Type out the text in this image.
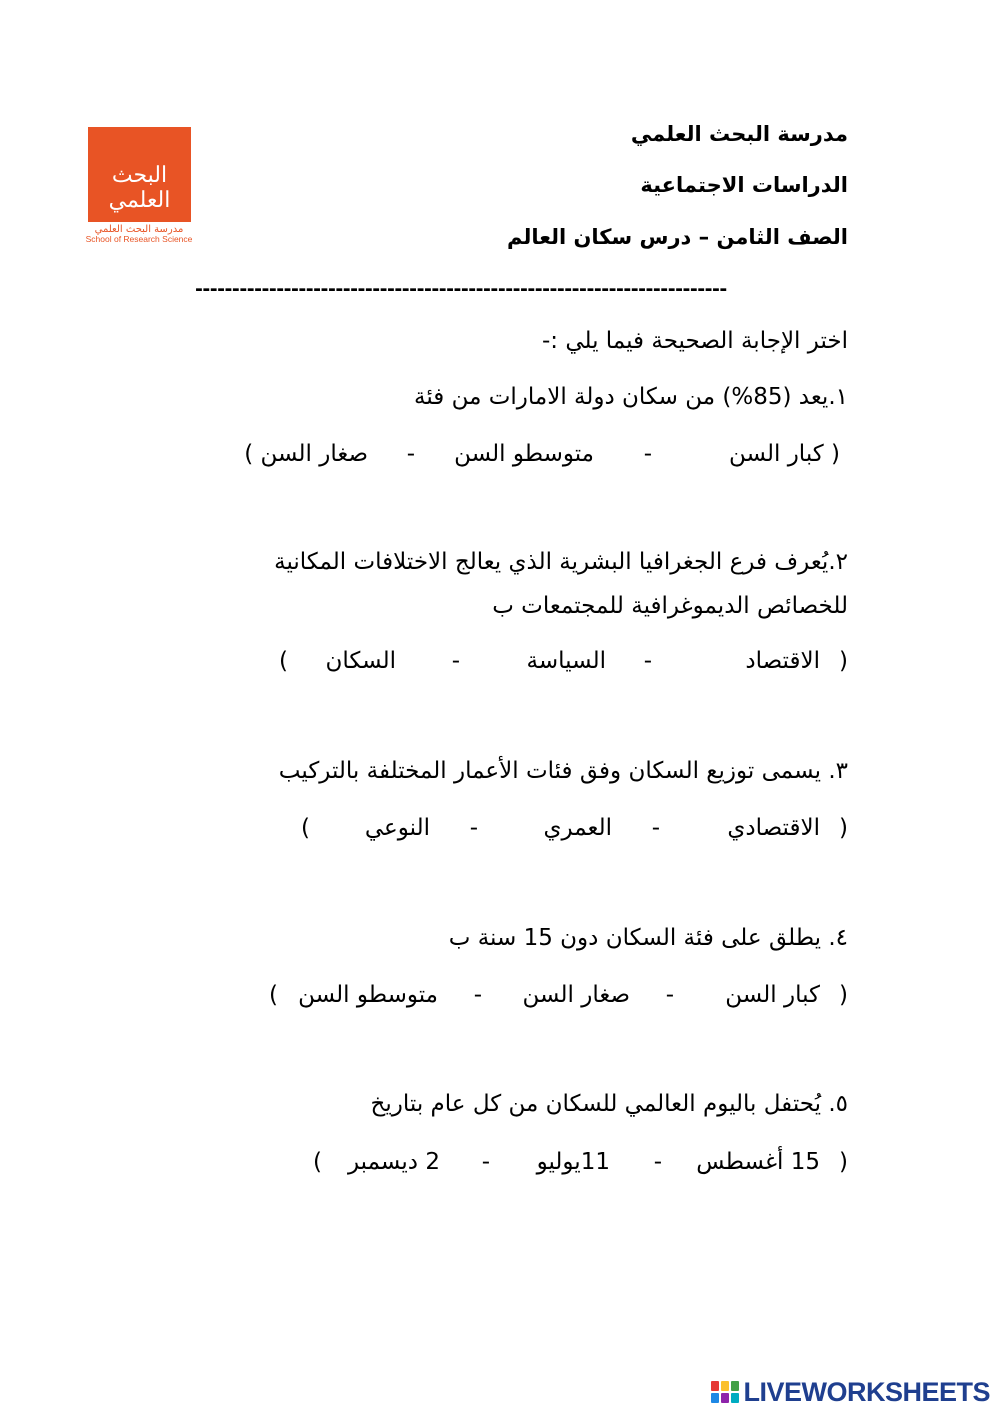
البحث العلمي
مدرسة البحث العلمي
School of Research Science
مدرسة البحث العلمي
الدراسات الاجتماعية
الصف الثامن – درس سكان العالم
------------------------------------------------------------------------
اختر الإجابة الصحيحة فيما يلي :-
١.يعد (85%) من سكان دولة الامارات من فئة
( كبار السن
-
متوسطو السن
-
صغار السن )
٢.يُعرف فرع الجغرافيا البشرية الذي يعالج الاختلافات المكانية
للخصائص الديموغرافية للمجتمعات ب
(
الاقتصاد
-
السياسة
-
السكان
)
٣. يسمى توزيع السكان وفق فئات الأعمار المختلفة بالتركيب
(
الاقتصادي
-
العمري
-
النوعي
)
٤. يطلق على فئة السكان دون 15 سنة ب
(
كبار السن
-
صغار السن
-
متوسطو السن
)
٥. يُحتفل باليوم العالمي للسكان من كل عام بتاريخ
(
15 أغسطس
-
11يوليو
-
2 ديسمبر
)
LIVEWORKSHEETS
